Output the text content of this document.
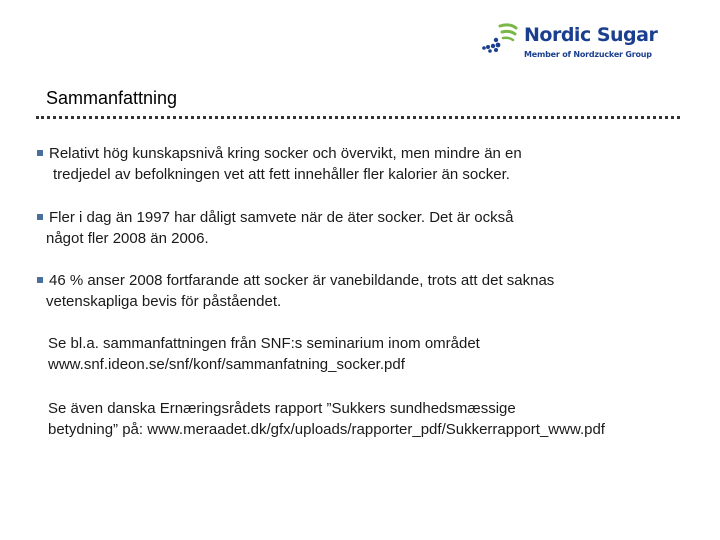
Nordic Sugar
Member of Nordzucker Group
Sammanfattning
Relativt hög kunskapsnivå kring socker och övervikt, men mindre än en
tredjedel av befolkningen vet att fett innehåller fler kalorier än socker.
Fler i dag än 1997 har dåligt samvete när de äter socker. Det är också
något fler 2008 än 2006.
46 % anser 2008 fortfarande att socker är vanebildande, trots att det saknas
vetenskapliga bevis för påståendet.
Se bl.a. sammanfattningen från SNF:s seminarium inom området
www.snf.ideon.se/snf/konf/sammanfatning_socker.pdf
Se även danska Ernæringsrådets rapport ”Sukkers sundhedsmæssige
betydning” på: www.meraadet.dk/gfx/uploads/rapporter_pdf/Sukkerrapport_www.pdf
